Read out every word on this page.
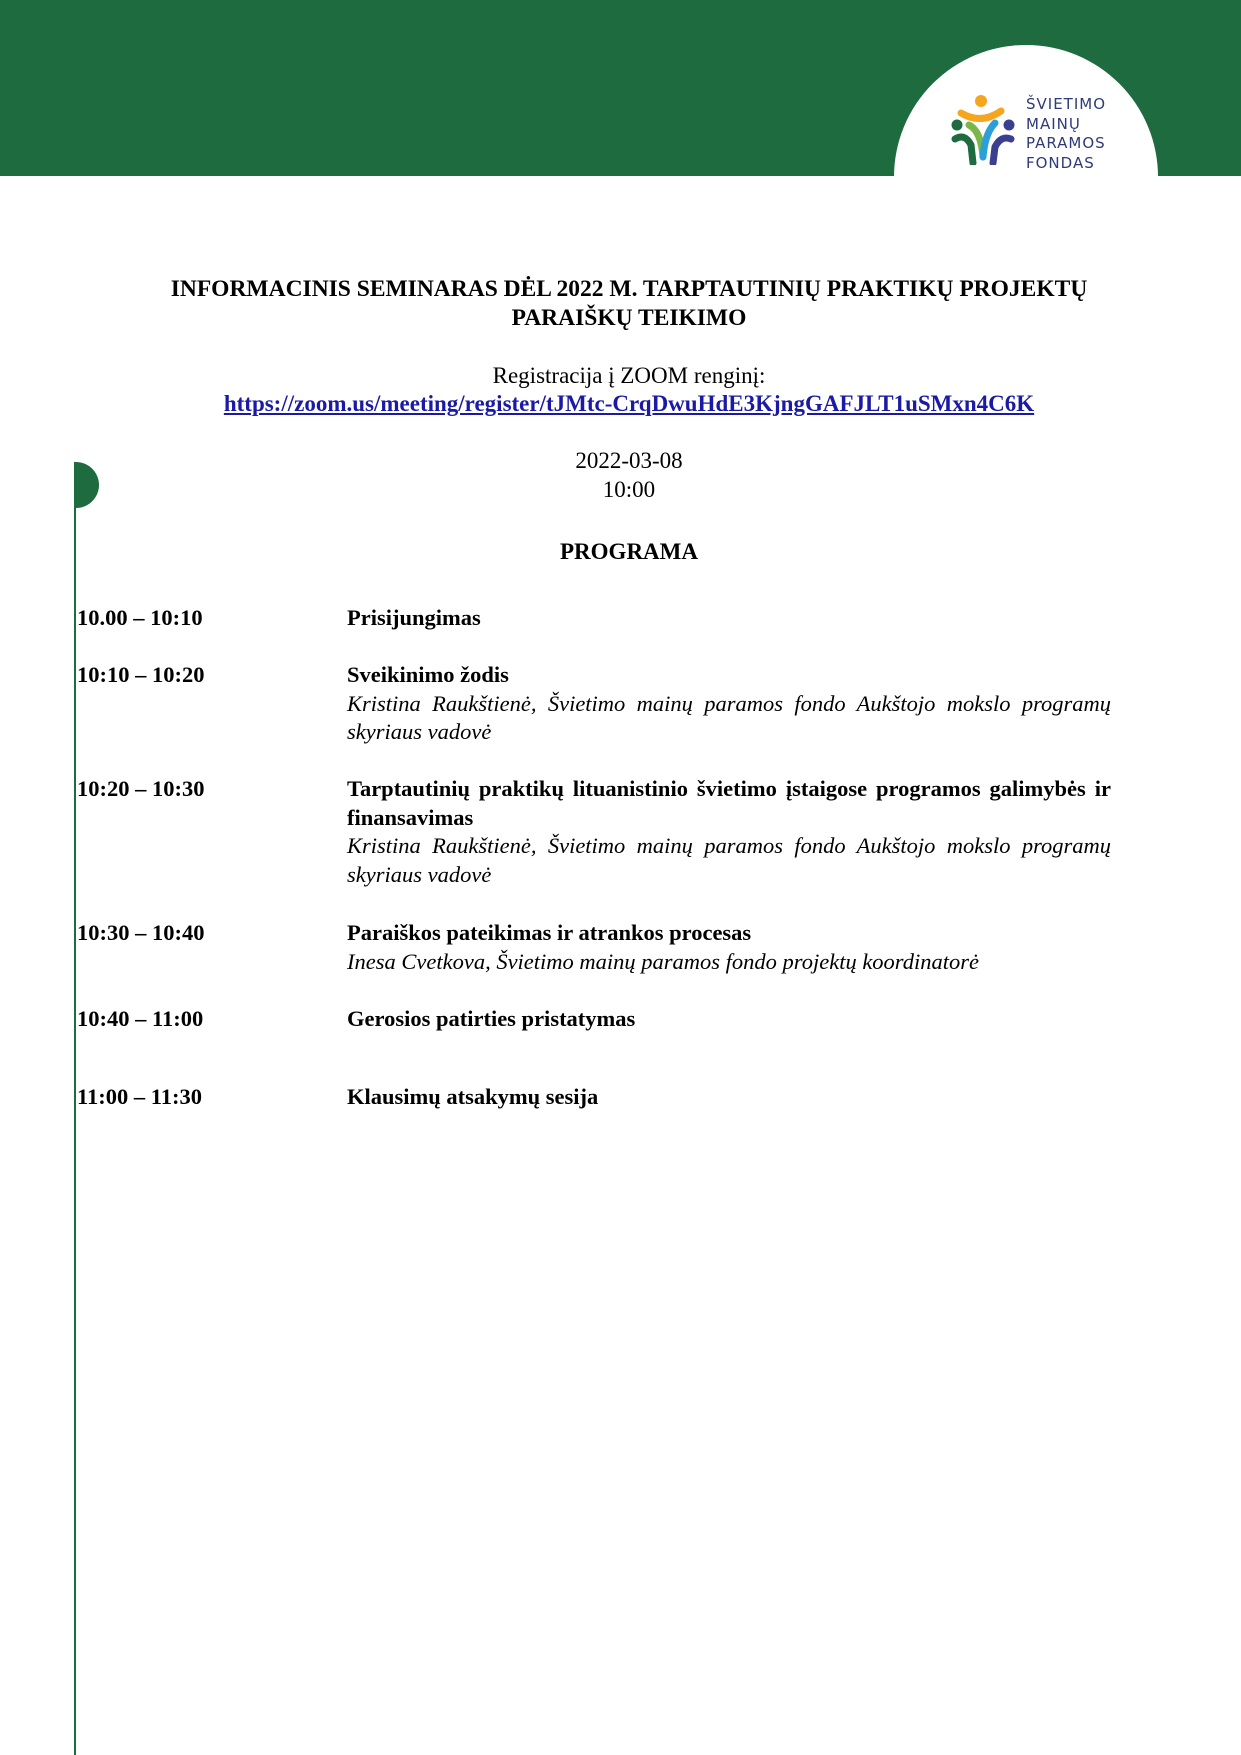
ŠVIETIMO
MAINŲ
PARAMOS
FONDAS
INFORMACINIS SEMINARAS DĖL 2022 M. TARPTAUTINIŲ PRAKTIKŲ PROJEKTŲ
PARAIŠKŲ TEIKIMO
Registracija į ZOOM renginį:
https://zoom.us/meeting/register/tJMtc-CrqDwuHdE3KjngGAFJLT1uSMxn4C6K
2022-03-08
10:00
PROGRAMA
10.00 – 10:10	Prisijungimas
10:10 – 10:20	Sveikinimo žodis
Kristina Raukštienė, Švietimo mainų paramos fondo Aukštojo mokslo programų skyriaus vadovė
10:20 – 10:30	Tarptautinių praktikų lituanistinio švietimo įstaigose programos galimybės ir finansavimas
Kristina Raukštienė, Švietimo mainų paramos fondo Aukštojo mokslo programų skyriaus vadovė
10:30 – 10:40	Paraiškos pateikimas ir atrankos procesas
Inesa Cvetkova, Švietimo mainų paramos fondo projektų koordinatorė
10:40 – 11:00	Gerosios patirties pristatymas
11:00 – 11:30	Klausimų atsakymų sesija
